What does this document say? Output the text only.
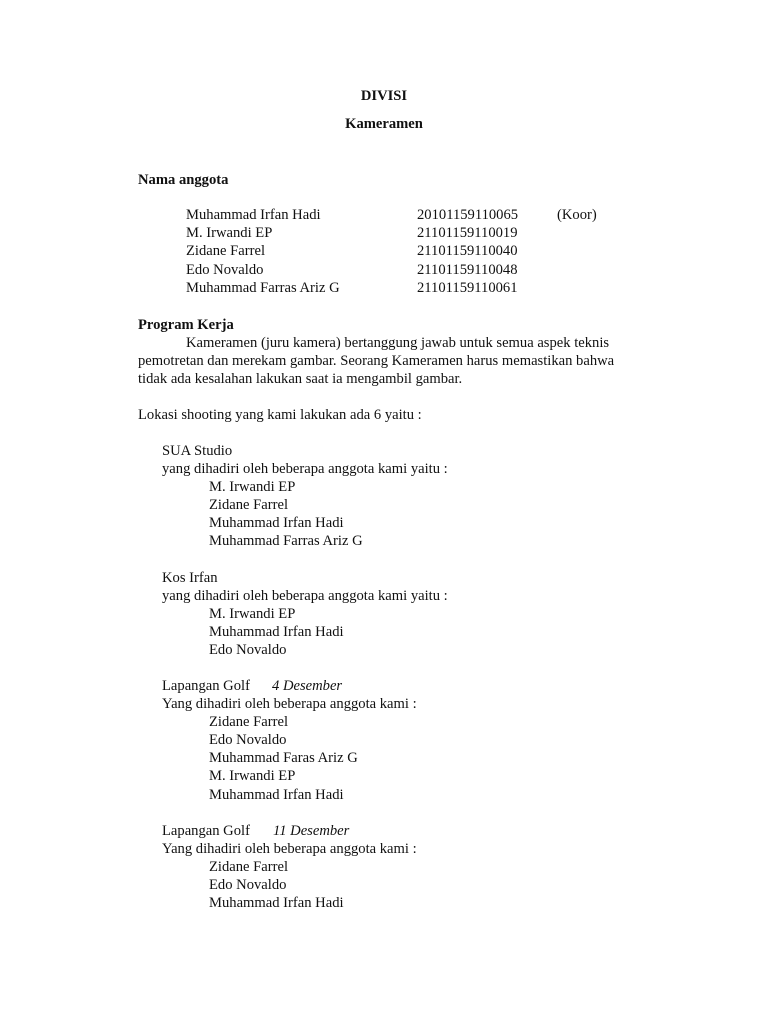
DIVISI
Kameramen
Nama anggota
Muhammad Irfan Hadi	20101159110065	(Koor)
M. Irwandi EP	21101159110019
Zidane Farrel	21101159110040
Edo Novaldo	21101159110048
Muhammad Farras Ariz G	21101159110061
Program Kerja
Kameramen (juru kamera) bertanggung jawab untuk semua aspek teknis
pemotretan dan merekam gambar. Seorang Kameramen harus memastikan bahwa
tidak ada kesalahan lakukan saat ia mengambil gambar.
Lokasi shooting yang kami lakukan ada 6 yaitu :
SUA Studio
yang dihadiri oleh beberapa anggota kami yaitu :
M. Irwandi EP
Zidane Farrel
Muhammad Irfan Hadi
Muhammad Farras Ariz G
Kos Irfan
yang dihadiri oleh beberapa anggota kami yaitu :
M. Irwandi EP
Muhammad Irfan Hadi
Edo Novaldo
Lapangan Golf 4 Desember
Yang dihadiri oleh beberapa anggota kami :
Zidane Farrel
Edo Novaldo
Muhammad Faras Ariz G
M. Irwandi EP
Muhammad Irfan Hadi
Lapangan Golf 11 Desember
Yang dihadiri oleh beberapa anggota kami :
Zidane Farrel
Edo Novaldo
Muhammad Irfan Hadi
